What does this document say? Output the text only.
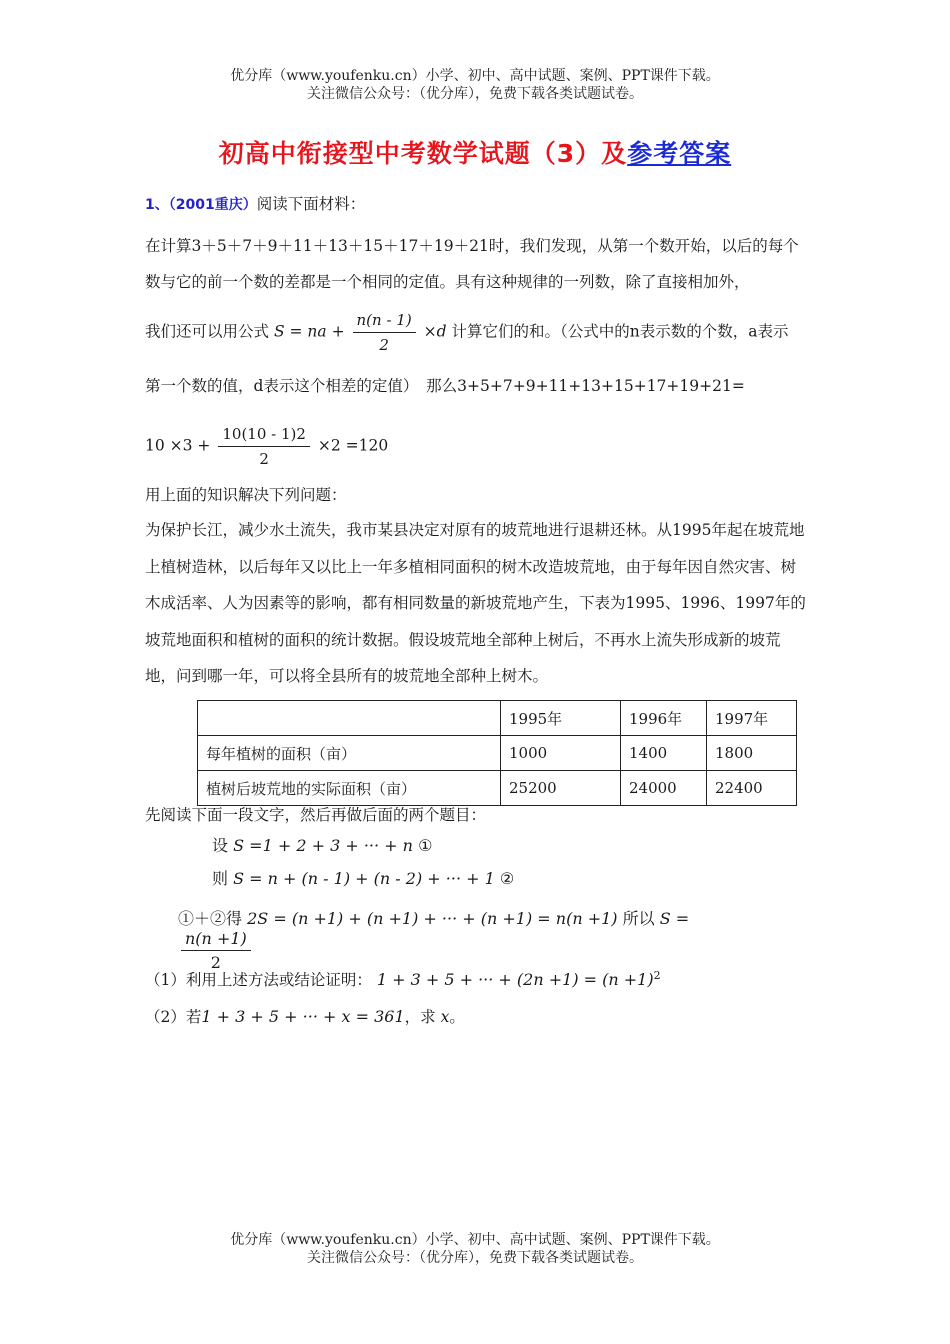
优分库（www.youfenku.cn）小学、初中、高中试题、案例、PPT课件下载。
关注微信公众号：（优分库），免费下载各类试题试卷。
初高中衔接型中考数学试题（3）及参考答案
1、（2001重庆）阅读下面材料：
在计算3＋5＋7＋9＋11＋13＋15＋17＋19＋21时，我们发现，从第一个数开始，以后的每个数与它的前一个数的差都是一个相同的定值。具有这种规律的一列数，除了直接相加外，
我们还可以用公式 S = na + $\frac{n(n - 1)}{2} \times d$ 计算它们的和。（公式中的n表示数的个数，a表示
第一个数的值，d表示这个相差的定值）　那么3+5+7+9+11+13+15+17+19+21=
$10 \times 3 + \frac{10(10 - 1)2}{2} \times 2 =120$
用上面的知识解决下列问题：
为保护长江，减少水土流失，我市某县决定对原有的坡荒地进行退耕还林。从1995年起在坡荒地上植树造林，以后每年又以比上一年多植相同面积的树木改造坡荒地，由于每年因自然灾害、树木成活率、人为因素等的影响，都有相同数量的新坡荒地产生，下表为1995、1996、1997年的坡荒地面积和植树的面积的统计数据。假设坡荒地全部种上树后，不再水上流失形成新的坡荒地，问到哪一年，可以将全县所有的坡荒地全部种上树木。
	1995年	1996年	1997年
每年植树的面积（亩）	1000	1400	1800
植树后坡荒地的实际面积（亩）	25200	24000	22400
先阅读下面一段文字，然后再做后面的两个题目：
设 S =1 + 2 + 3 + ··· + n ①
则 S = n + (n - 1) + (n - 2) + ··· + 1 ②
①＋②得 2S = (n +1) + (n +1) + ··· + (n +1) = n(n +1) 所以 S =
$\frac{n(n +1)}{2}$
（1）利用上述方法或结论证明： 1 + 3 + 5 + ··· + $(2n +1) = (n +1)^2$
（2）若1 + 3 + 5 + ··· + x = 361，求 x。
优分库（www.youfenku.cn）小学、初中、高中试题、案例、PPT课件下载。
关注微信公众号：（优分库），免费下载各类试题试卷。
